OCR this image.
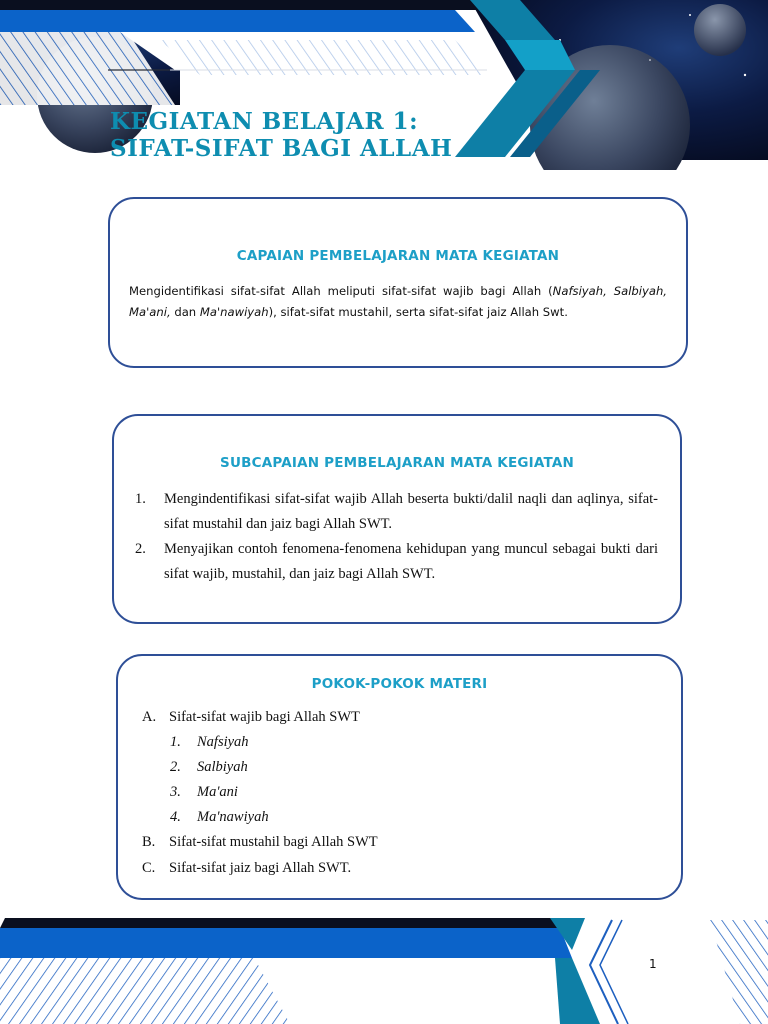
KEGIATAN BELAJAR 1:
SIFAT-SIFAT BAGI ALLAH
CAPAIAN PEMBELAJARAN MATA KEGIATAN
Mengidentifikasi sifat-sifat Allah meliputi sifat-sifat wajib bagi Allah (Nafsiyah, Salbiyah, Ma'ani, dan Ma'nawiyah), sifat-sifat mustahil, serta sifat-sifat jaiz Allah Swt.
SUBCAPAIAN PEMBELAJARAN MATA KEGIATAN
1.	Mengindentifikasi sifat-sifat wajib Allah beserta bukti/dalil naqli dan aqlinya, sifat-sifat mustahil dan jaiz bagi Allah SWT.
2.	Menyajikan contoh fenomena-fenomena kehidupan yang muncul sebagai bukti dari sifat wajib, mustahil, dan jaiz bagi Allah SWT.
POKOK-POKOK MATERI
A. Sifat-sifat wajib bagi Allah SWT
1. Nafsiyah
2. Salbiyah
3. Ma'ani
4. Ma'nawiyah
B. Sifat-sifat mustahil bagi Allah SWT
C. Sifat-sifat jaiz bagi Allah SWT.
1
